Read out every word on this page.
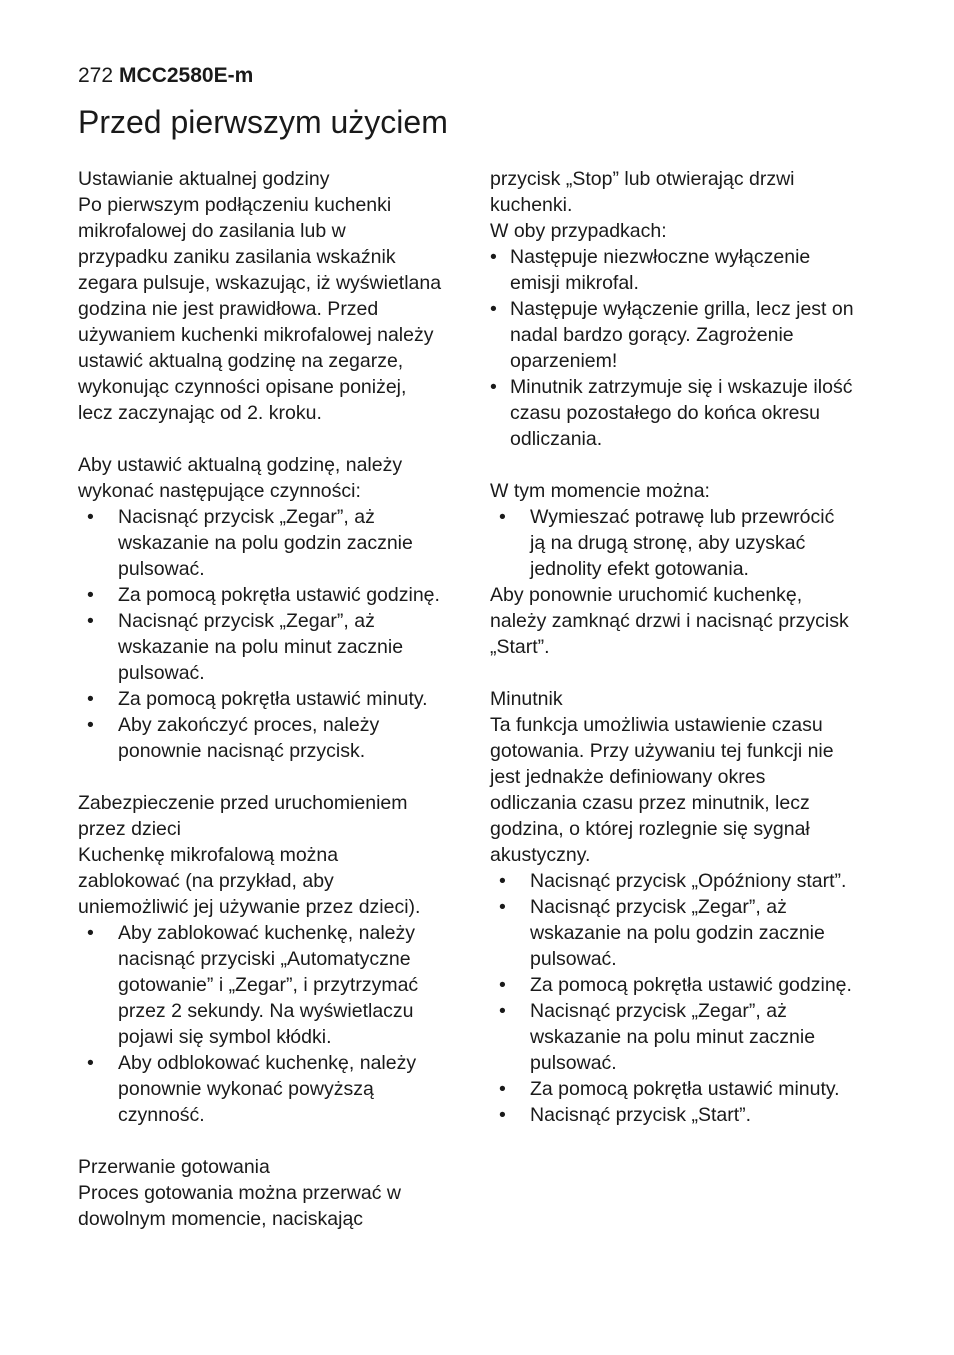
272 MCC2580E-m
Przed pierwszym użyciem

Ustawianie aktualnej godziny

Po pierwszym podłączeniu kuchenki
mikrofalowej do zasilania lub w
przypadku zaniku zasilania wskaźnik
zegara pulsuje, wskazując, iż wyświetlana
godzina nie jest prawidłowa. Przed
używaniem kuchenki mikrofalowej należy
ustawić aktualną godzinę na zegarze,
wykonując czynności opisane poniżej,
lecz zaczynając od 2. kroku.

Aby ustawić aktualną godzinę, należy
wykonać następujące czynności:

• Nacisnąć przycisk „Zegar”, aż
wskazanie na polu godzin zacznie
pulsować.
• Za pomocą pokrętła ustawić godzinę.
• Nacisnąć przycisk „Zegar”, aż
wskazanie na polu minut zacznie
pulsować.
• Za pomocą pokrętła ustawić minuty.
• Aby zakończyć proces, należy
ponownie nacisnąć przycisk.

Zabezpieczenie przed uruchomieniem
przez dzieci

Kuchenkę mikrofalową można
zablokować (na przykład, aby
uniemożliwić jej używanie przez dzieci).

• Aby zablokować kuchenkę, należy
nacisnąć przyciski „Automatyczne
gotowanie” i „Zegar”, i przytrzymać
przez 2 sekundy. Na wyświetlaczu
pojawi się symbol kłódki.
• Aby odblokować kuchenkę, należy
ponownie wykonać powyższą
czynność.

Przerwanie gotowania

Proces gotowania można przerwać w
dowolnym momencie, naciskając

przycisk „Stop” lub otwierając drzwi
kuchenki.
W oby przypadkach:

• Następuje niezwłoczne wyłączenie
emisji mikrofal.
• Następuje wyłączenie grilla, lecz jest on
nadal bardzo gorący. Zagrożenie
oparzeniem!
• Minutnik zatrzymuje się i wskazuje ilość
czasu pozostałego do końca okresu
odliczania.

W tym momencie można:

• Wymieszać potrawę lub przewrócić
ją na drugą stronę, aby uzyskać
jednolity efekt gotowania.

Aby ponownie uruchomić kuchenkę,
należy zamknąć drzwi i nacisnąć przycisk
„Start”.

Minutnik

Ta funkcja umożliwia ustawienie czasu
gotowania. Przy używaniu tej funkcji nie
jest jednakże definiowany okres
odliczania czasu przez minutnik, lecz
godzina, o której rozlegnie się sygnał
akustyczny.

• Nacisnąć przycisk „Opóźniony start”.
• Nacisnąć przycisk „Zegar”, aż
wskazanie na polu godzin zacznie
pulsować.
• Za pomocą pokrętła ustawić godzinę.
• Nacisnąć przycisk „Zegar”, aż
wskazanie na polu minut zacznie
pulsować.
• Za pomocą pokrętła ustawić minuty.
• Nacisnąć przycisk „Start”.
